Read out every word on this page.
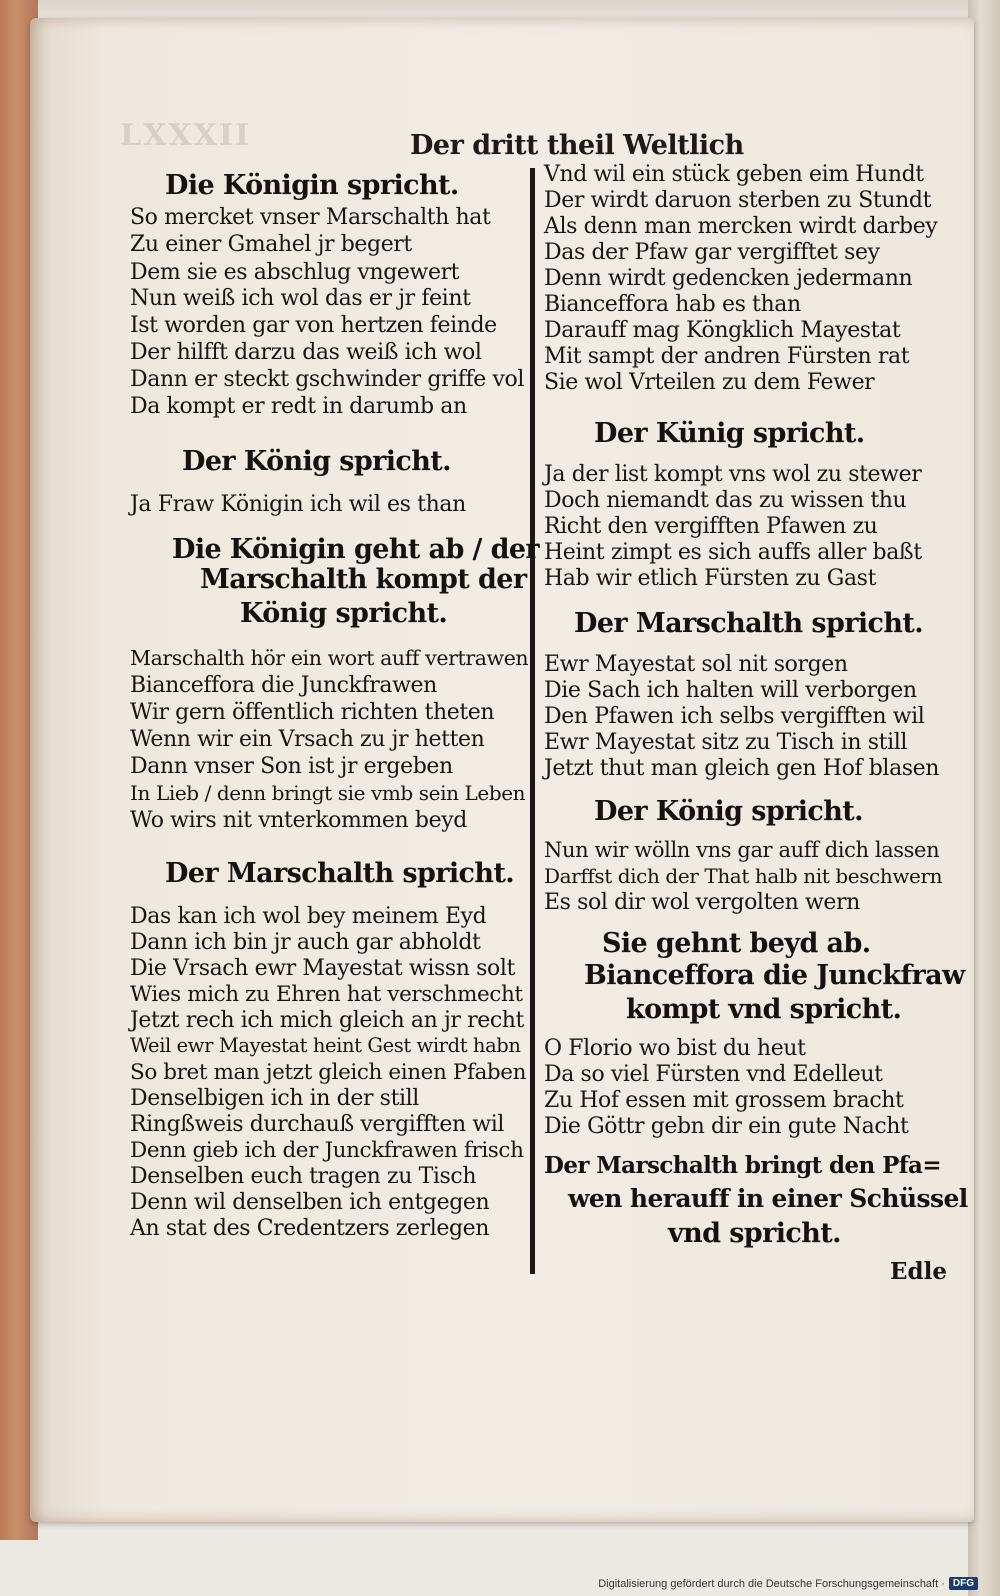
LXXXII	Der dritt theil Weltlich
Die Königin spricht.
So mercket vnser Marschalth hat
Zu einer Gmahel jr begert
Dem sie es abschlug vngewert
Nun weiß ich wol das er jr feint
Ist worden gar von hertzen feinde
Der hilfft darzu das weiß ich wol
Dann er steckt gschwinder griffe vol
Da kompt er redt in darumb an
Der König spricht.
Ja Fraw Königin ich wil es than
Die Königin geht ab / der
Marschalth kompt der
König spricht.
Marschalth hör ein wort auff vertrawen
Bianceffora die Junckfrawen
Wir gern öffentlich richten theten
Wenn wir ein Vrsach zu jr hetten
Dann vnser Son ist jr ergeben
In Lieb / denn bringt sie vmb sein Leben
Wo wirs nit vnterkommen beyd
Der Marschalth spricht.
Das kan ich wol bey meinem Eyd
Dann ich bin jr auch gar abholdt
Die Vrsach ewr Mayestat wissn solt
Wies mich zu Ehren hat verschmecht
Jetzt rech ich mich gleich an jr recht
Weil ewr Mayestat heint Gest wirdt habn
So bret man jetzt gleich einen Pfaben
Denselbigen ich in der still
Ringßweis durchauß vergifften wil
Denn gieb ich der Junckfrawen frisch
Denselben euch tragen zu Tisch
Denn wil denselben ich entgegen
An stat des Credentzers zerlegen
Vnd wil ein stück geben eim Hundt
Der wirdt daruon sterben zu Stundt
Als denn man mercken wirdt darbey
Das der Pfaw gar vergifftet sey
Denn wirdt gedencken jedermann
Bianceffora hab es than
Darauff mag Köngklich Mayestat
Mit sampt der andren Fürsten rat
Sie wol Vrteilen zu dem Fewer
Der Künig spricht.
Ja der list kompt vns wol zu stewer
Doch niemandt das zu wissen thu
Richt den vergifften Pfawen zu
Heint zimpt es sich auffs aller baßt
Hab wir etlich Fürsten zu Gast
Der Marschalth spricht.
Ewr Mayestat sol nit sorgen
Die Sach ich halten will verborgen
Den Pfawen ich selbs vergifften wil
Ewr Mayestat sitz zu Tisch in still
Jetzt thut man gleich gen Hof blasen
Der König spricht.
Nun wir wölln vns gar auff dich lassen
Darffst dich der That halb nit beschwern
Es sol dir wol vergolten wern
Sie gehnt beyd ab.
Bianceffora die Junckfraw
kompt vnd spricht.
O Florio wo bist du heut
Da so viel Fürsten vnd Edelleut
Zu Hof essen mit grossem bracht
Die Göttr gebn dir ein gute Nacht
Der Marschalth bringt den Pfa=
wen herauff in einer Schüssel
vnd spricht.
Edle
Digitalisierung gefördert durch die Deutsche Forschungsgemeinschaft · DFG
